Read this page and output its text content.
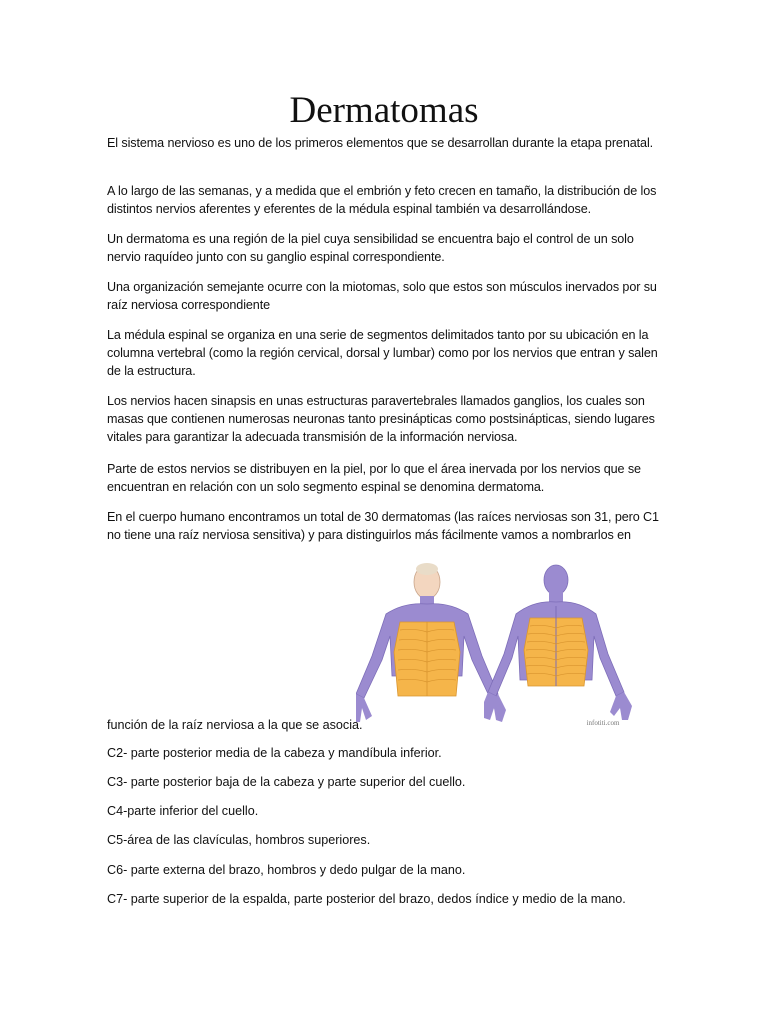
Dermatomas

El sistema nervioso es uno de los primeros elementos que se desarrollan durante la etapa prenatal.

A lo largo de las semanas, y a medida que el embrión y feto crecen en tamaño, la distribución de los distintos nervios aferentes y eferentes de la médula espinal también va desarrollándose.

Un dermatoma es una región de la piel cuya sensibilidad se encuentra bajo el control de un solo nervio raquídeo junto con su ganglio espinal correspondiente.

Una organización semejante ocurre con la miotomas, solo que estos son músculos inervados por su raíz nerviosa correspondiente

La médula espinal se organiza en una serie de segmentos delimitados tanto por su ubicación en la columna vertebral (como la región cervical, dorsal y lumbar) como por los nervios que entran y salen de la estructura.

Los nervios hacen sinapsis en unas estructuras paravertebrales llamados ganglios, los cuales son masas que contienen numerosas neuronas tanto presinápticas como postsinápticas, siendo lugares vitales para garantizar la adecuada transmisión de la información nerviosa.

Parte de estos nervios se distribuyen en la piel, por lo que el área inervada por los nervios que se encuentran en relación con un solo segmento espinal se denomina dermatoma.

En el cuerpo humano encontramos un total de 30 dermatomas (las raíces nerviosas son 31, pero C1 no tiene una raíz nerviosa sensitiva) y para distinguirlos más fácilmente vamos a nombrarlos en

infotiti.com

función de la raíz nerviosa a la que se asocia.

C2- parte posterior media de la cabeza y mandíbula inferior.

C3- parte posterior baja de la cabeza y parte superior del cuello.

C4-parte inferior del cuello.

C5-área de las clavículas, hombros superiores.

C6- parte externa del brazo, hombros y dedo pulgar de la mano.

C7- parte superior de la espalda, parte posterior del brazo, dedos índice y medio de la mano.
